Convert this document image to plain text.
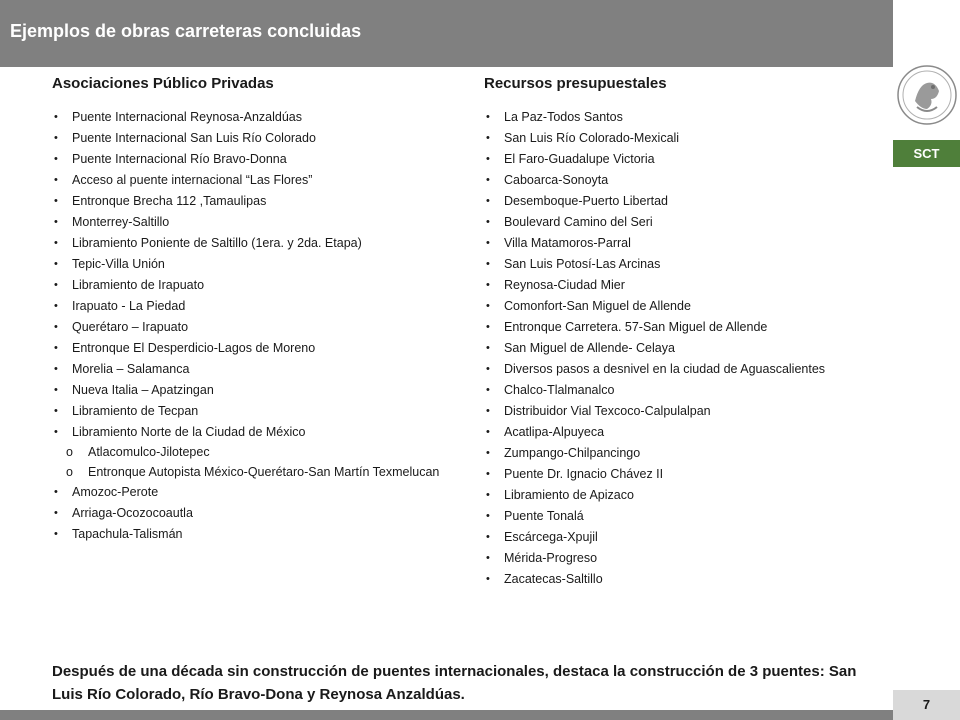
Ejemplos de obras carreteras concluidas
SCT
Asociaciones Público Privadas
• Puente Internacional Reynosa-Anzaldúas
• Puente Internacional San Luis Río Colorado
• Puente Internacional Río Bravo-Donna
• Acceso al puente internacional “Las Flores”
• Entronque Brecha 112 ,Tamaulipas
• Monterrey-Saltillo
• Libramiento Poniente de Saltillo (1era. y 2da. Etapa)
• Tepic-Villa Unión
• Libramiento de Irapuato
• Irapuato - La Piedad
• Querétaro – Irapuato
• Entronque El Desperdicio-Lagos de Moreno
• Morelia – Salamanca
• Nueva Italia – Apatzingan
• Libramiento de Tecpan
• Libramiento Norte de la Ciudad de México
o Atlacomulco-Jilotepec
o Entronque Autopista México-Querétaro-San Martín Texmelucan
• Amozoc-Perote
• Arriaga-Ocozocoautla
• Tapachula-Talismán
Recursos presupuestales
• La Paz-Todos Santos
• San Luis Río Colorado-Mexicali
• El Faro-Guadalupe Victoria
• Caboarca-Sonoyta
• Desemboque-Puerto Libertad
• Boulevard Camino del Seri
• Villa Matamoros-Parral
• San Luis Potosí-Las Arcinas
• Reynosa-Ciudad Mier
• Comonfort-San Miguel de Allende
• Entronque Carretera. 57-San Miguel de Allende
• San Miguel de Allende- Celaya
• Diversos pasos a desnivel en la ciudad de Aguascalientes
• Chalco-Tlalmanalco
• Distribuidor Vial Texcoco-Calpulalpan
• Acatlipa-Alpuyeca
• Zumpango-Chilpancingo
• Puente Dr. Ignacio Chávez II
• Libramiento de Apizaco
• Puente Tonalá
• Escárcega-Xpujil
• Mérida-Progreso
• Zacatecas-Saltillo

Después de una década sin construcción de puentes internacionales, destaca la construcción de 3 puentes: San Luis Río Colorado, Río Bravo-Dona y Reynosa Anzaldúas.

7
